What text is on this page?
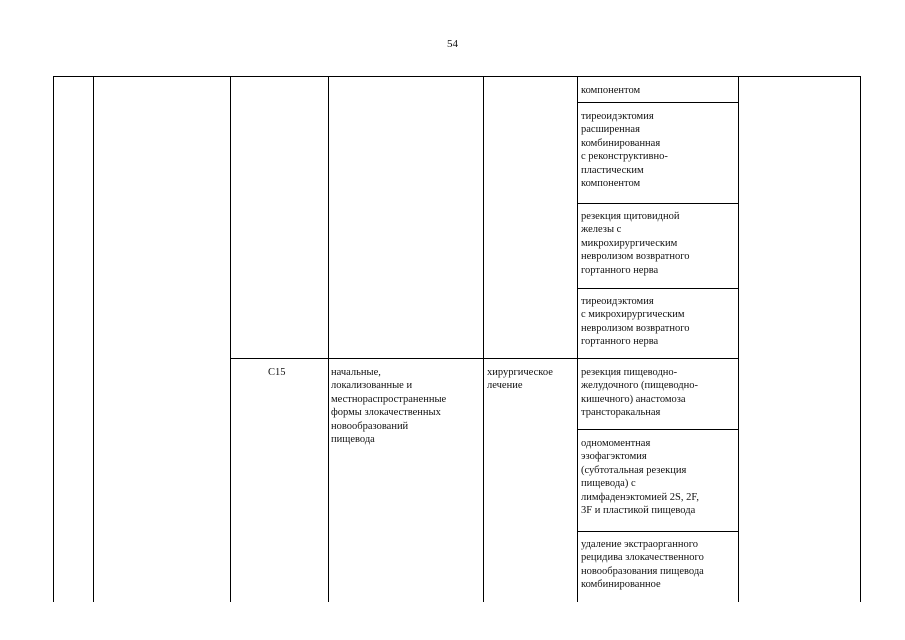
54
компонентом
тиреоидэктомия
расширенная
комбинированная
с реконструктивно-
пластическим
компонентом
резекция щитовидной
железы с
микрохирургическим
невролизом возвратного
гортанного нерва
тиреоидэктомия
с микрохирургическим
невролизом возвратного
гортанного нерва
C15	начальные,
локализованные и
местнораспространенные
формы злокачественных
новообразований
пищевода
хирургическое
лечение
резекция пищеводно-
желудочного (пищеводно-
кишечного) анастомоза
трансторакальная
одномоментная
эзофагэктомия
(субтотальная резекция
пищевода) с
лимфаденэктомией 2S, 2F,
3F и пластикой пищевода
удаление экстраорганного
рецидива злокачественного
новообразования пищевода
комбинированное
